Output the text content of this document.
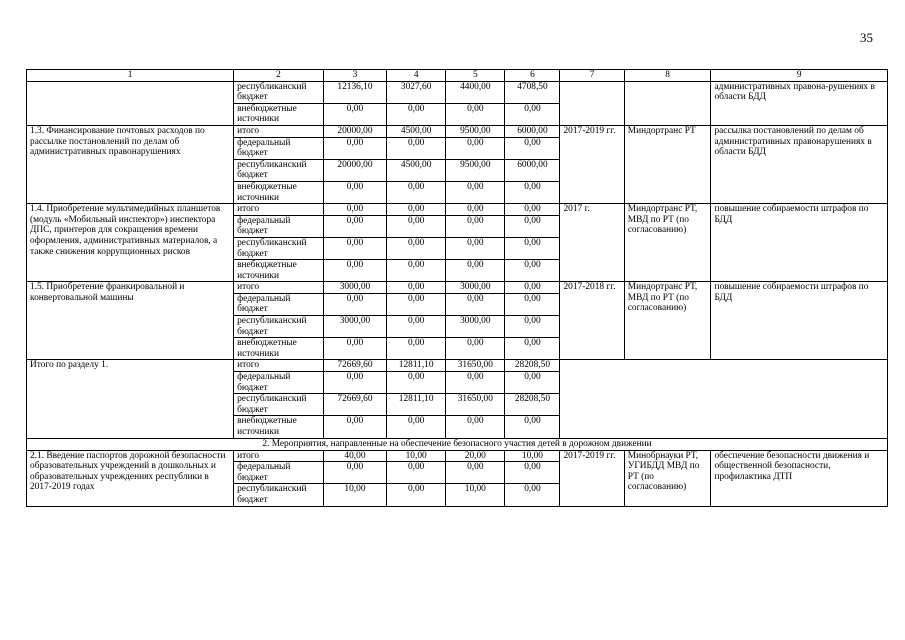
35
1	2	3	4	5	6	7	8	9
	республиканский бюджет	12136,10	3027,60	4400,00	4708,50			административных правона-рушениях в области БДД
	внебюджетные источники	0,00	0,00	0,00	0,00			
1.3. Финансирование почтовых расходов по рассылке постановлений по делам об административных правонарушениях	итого	20000,00	4500,00	9500,00	6000,00	2017-2019 гг.	Миндортранс РТ	рассылка постановлений по делам об административных правонарушениях в области БДД
	федеральный бюджет	0,00	0,00	0,00	0,00			
	республиканский бюджет	20000,00	4500,00	9500,00	6000,00			
	внебюджетные источники	0,00	0,00	0,00	0,00			
1.4. Приобретение мультимедийных планшетов (модуль «Мобильный инспектор») инспектора ДПС, принтеров для сокращения времени оформления, административных материалов, а также снижения коррупционных рисков	итого	0,00	0,00	0,00	0,00	2017 г.	Миндортранс РТ, МВД по РТ (по согласованию)	повышение собираемости штрафов по БДД
	федеральный бюджет	0,00	0,00	0,00	0,00			
	республиканский бюджет	0,00	0,00	0,00	0,00			
	внебюджетные источники	0,00	0,00	0,00	0,00			
1.5. Приобретение франкировальной и конвертовальной машины	итого	3000,00	0,00	3000,00	0,00	2017-2018 гг.	Миндортранс РТ, МВД по РТ (по согласованию)	повышение собираемости штрафов по БДД
	федеральный бюджет	0,00	0,00	0,00	0,00			
	республиканский бюджет	3000,00	0,00	3000,00	0,00			
	внебюджетные источники	0,00	0,00	0,00	0,00			
Итого по разделу 1.	итого	72669,60	12811,10	31650,00	28208,50			
	федеральный бюджет	0,00	0,00	0,00	0,00			
	республиканский бюджет	72669,60	12811,10	31650,00	28208,50			
	внебюджетные источники	0,00	0,00	0,00	0,00			
2. Мероприятия, направленные на обеспечение безопасного участия детей в дорожном движении								
2.1. Введение паспортов дорожной безопасности образовательных учреждений в дошкольных и образовательных учреждениях республики в 2017-2019 годах	итого	40,00	10,00	20,00	10,00	2017-2019 гг.	Минобрнауки РТ, УГИБДД МВД по РТ (по согласованию)	обеспечение безопасности движения и общественной безопасности, профилактика ДТП
	федеральный бюджет	0,00	0,00	0,00	0,00			
	республиканский бюджет	10,00	0,00	10,00	0,00			
